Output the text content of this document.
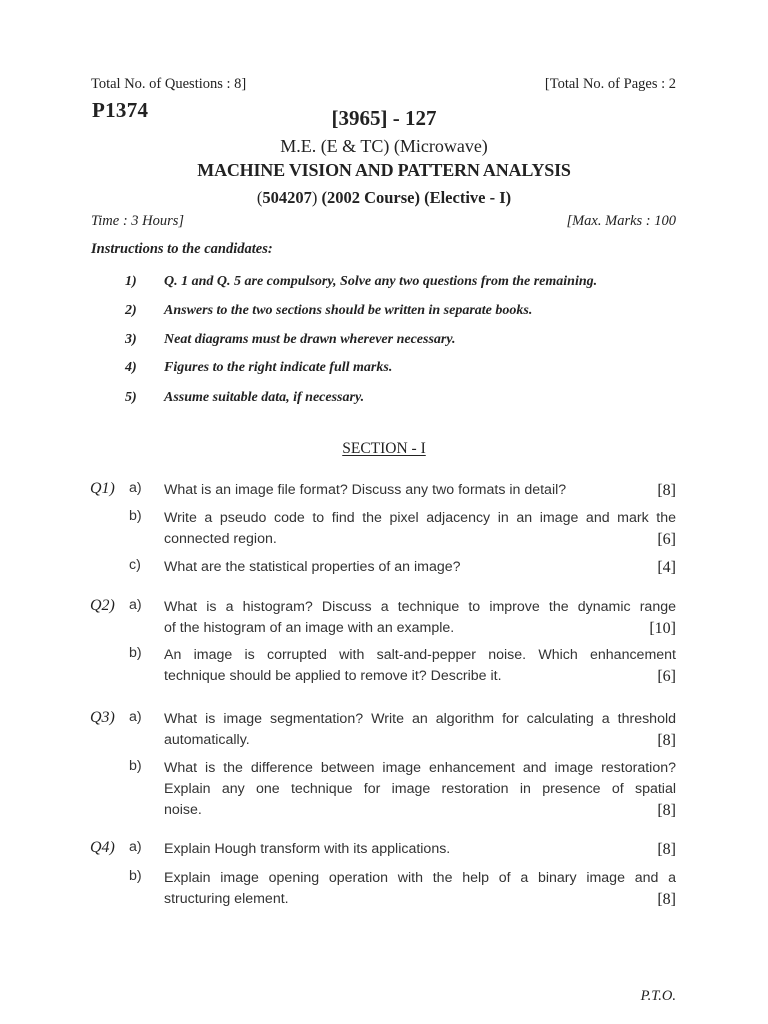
Total No. of Questions : 8]	[Total No. of Pages : 2
P1374	[3965] - 127
M.E. (E & TC) (Microwave)
MACHINE VISION AND PATTERN ANALYSIS
(504207) (2002 Course) (Elective - I)
Time : 3 Hours]	[Max. Marks : 100
Instructions to the candidates:
1) Q. 1 and Q. 5 are compulsory, Solve any two questions from the remaining.
2) Answers to the two sections should be written in separate books.
3) Neat diagrams must be drawn wherever necessary.
4) Figures to the right indicate full marks.
5) Assume suitable data, if necessary.
SECTION - I
Q1) a) What is an image file format? Discuss any two formats in detail?	[8]
b) Write a pseudo code to find the pixel adjacency in an image and mark the
connected region.	[6]
c) What are the statistical properties of an image?	[4]
Q2) a) What is a histogram? Discuss a technique to improve the dynamic range
of the histogram of an image with an example.	[10]
b) An image is corrupted with salt-and-pepper noise. Which enhancement
technique should be applied to remove it? Describe it.	[6]
Q3) a) What is image segmentation? Write an algorithm for calculating a threshold
automatically.	[8]
b) What is the difference between image enhancement and image restoration?
Explain any one technique for image restoration in presence of spatial
noise.	[8]
Q4) a) Explain Hough transform with its applications.	[8]
b) Explain image opening operation with the help of a binary image and a
structuring element.	[8]
P.T.O.
